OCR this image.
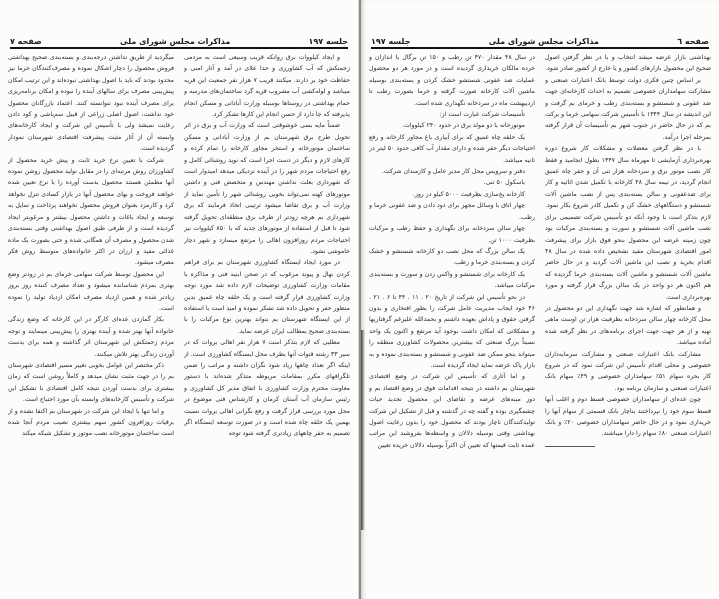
جلسه ۱۹۷
مذاکرات مجلس شورای ملی
صفحه ۷

و ایجاد کیلووات برق روانکه قریب وسیعی است به مردمی زحمتکش که آب کشاورزی و حدا علای در آمد و آثار امنی و حفاظت خود بر دارند. میکنند قریب ۷ هزار نفر جمعیت این قریه میباشد و لوله‌کشی آب مشروب قریه گرد ساختمان‌های مدرسه و حمام بهداشتی در روستاها بوسیله وزارت آبادانی و مسکن انجام پذیرفته که جا دارد از حسن انجام این کارها تشکر کرد.

ضمناً مایه بسی خوشوقتی است که وزارت آب و برق در اثر تحویل طرح برق شهرستان بم از وزارت آبادانی و مسکن ساختمان موتورخانه و استخر مجاور کارخانه را تمام کرده و کارهای لازم و دیگر در دست اجرا است که نوید روشنائی کامل و رفع احتیاجات مردم شهر را در آینده نزدیکی میدهد امیدوار است که شهرداری بعلت نداشتن مهندس و متخصص فنی و داشتن موتورهای کهنه نمی‌تواند بخوبی روشنائی شهر را تأمین نماید از وزارت آب و برق تقاضا میشود ترتیبی اتخاذ فرمایند که برق شهرداری بم هرچه زودتر از طرف برق منطقه‌ای تحویل گرفته شود تا قبل از استفاده از موتورهای جدید که با ۸۵۰ کیلووات نیز احتیاجات مردم روزافزون اهالی را مرتفع میسازد و شهر دچار خاموشی نشود.

در مورد ایجاد ایستگاه کشاورزی شهرستان بم برای فراهم کردن نهال و پیوند مرغوب که در صحن ابنیه فنی و مذاکره با مقامات وزارت کشاورزی توضیحات لازم داده شد مورد توجه وزارت کشاورزی قرار گرفته است و یک حلقه چاه عمیق بدین منظور حفر و تحویل داده شد تشکر نموده و امید است با استفاده از این ایستگاه شهرستان بم بتواند بهترین نوع مرکبات را با بسته‌بندی صحیح بمطالب ایران عرضه نماید.

مطلبی که لازم بتذکر است ۷ هزار نفر اهالی بروات که در سیر ۳۳ رشته قنوات آنها بطرف محل ایستگاه کشاورزی است. از اینکه اگر تعداد چاهها زیاد شود نگران داشته و مراتب را ضمن تلگرافهای مکرر بمقامات مربوطه متذکر شده‌اند با دستور معاونت محترم وزارت کشاورزی با اتفاق مدیر کل کشاورزی و رئیس سازمان آب آستان کرمان و کارشناس فنی موضوع در محل مورد بررسی قرار گرفت و رفع نگرانی اهالی بروات نسبت بهمین یک حلقه چاه شده است و در صورت توسعه ایستگاه اگر تصمیم به حفر چاههای زیادتری گرفته شود توجه

میگردید از طریق نداشتن درجه‌بندی و بسته‌بندی صحیح بهداشتی فروش محصول را دچار اشکال نموده و مصرف‌کنندگان خرما نیز محدود بودند که باید با اصول بهداشتی نبوده‌اند و این ترتیب امکان پیش‌بینی مصرف برای سالهای آینده را نبوده و امکان برنامه‌ریزی برای مصرف آینده نبود نتوانسته کنند. اعتماد بازرگانان محصول خود نداشت، اصول اصلی زراعی از قبیل سم‌پاشی و کود دادن رعایت نمیشد ولی با تأسیس این شرکت و ایجاد کارخانه‌های وابسته آن از آثار مثبت پیشرفت اقتصادی شهرستان نمودار گردیده است.

شرکت با تعیین نرخ خرید ثابت و پیش خرید محصول از کشاورزان روش مرتبه‌ای را در مقابل تولید محصول روشن نموده آنها مطمئن هستند محصول بدست آورده را با نرخ تعیین شده خواهند فروخت و بهای محصول آنها در بازار کسادی تنزل نخواهد کرد و کارمزد بعنوان فروش محصول نخواهند پرداخت و تمایل به توسعه و ایجاد باغات و داشتن محصول بیشتر و مرغوبتر ایجاد گردیده است و از طرفی طبق اصول بهداشتی وقتی بسته‌بندی شدن محصول و مصرف آن همگانی شده و حتی بصورت یک ماده غذائی مفید و ارزان در اکثر خانواده‌های متوسط روش فکر مصرف میشود.

این محصول توسط شرکت سهامی خرمای بم در زودتر وضع بهتری بمردم شناسانده میشود و تعداد مصرف کننده روز بروز زیادتر شده و همین ازدیاد مصرف امکان ازدیاد تولید را نموده است.

بکار گماردن عده‌ای کارگر در این کارخانه که وضع زندگی خانواده آنها بهتر شده و آینده بهتری را پیش‌بینی مینمایند و توجه مردم زحمتکش این شهرستان اثر گذاشته و همه برای بدست آوردن زندگی بهتر تلاش میکنند.

ذکر مختصر این عوامل بخوبی تغییر مسیر اقتصادی شهرستان بم را در جهت مثبت نشان میدهد و کاملاً روشن است که زمان بیشتری برای بدست آوردن نتیجه کامل اقتصادی با تشکیل این شرکت و تأسیس کارخانه‌های وابسته بآن مورد احتیاج است.

و اما تنها با ایجاد این شرکت در شهرستان بم اکتفا نشده و از برقیات روزافزون کشور سهم بیشتری نصیب مردم آنجا شده است ساختمان موتورخانه نصب موتور و تشکیل شبکه میکند

صفحه ٦
مذاکرات مجلس شورای ملی
جلسه ۱۹۷

بهداشتی بازار عرضه میشد انتخاب و با در نظر گرفتن اصول صحیح این محصول بازارهای کشور و یا خارج از کشور صادر شود.

بر اساس چنین فکری دولت توسط بانک اعتبارات صنعتی و مشارکت سهامداران خصوصی تصمیم به احداث کارخانه‌ای جهت ضد عفونی و شستشو و بسته‌بندی رطب و خرمای بم گرفت و این اندیشه در سال ۱۳۴۴ با تأسیس شرکت سهامی خرما و برکت بم که در حال حاضر در جنوب شهر بم تأسیسات آن قرار گرفته بمرحله اجرا درآمد.

با در نظر گرفتن معضلات و مشکلات کار شروع دوره بهره‌برداری آزمایشی تا مهرماه سال ۱۳۴۷ بطول انجامید و فقط کار نصب موتور برق و سردخانه هزار تنی آن و حفر چاه عمیق انجام گردید، در نیمه سال ۴۸ کارخانه با تکمیل شدن اثاثیه و کار برای ضدعفونی و سالن بسته‌بندی پس از نصب ماشین آلات شستشو و دستگاههای خشک کن و تکمیل کادر شروع بکار نمود. لازم بتذکر است با وجود آنکه دو تأسیس شرکت تصمیمی برای نصب ماشین آلات شستشو و سورت و بسته‌بندی مرکبات بود چون زمینه عرضه این محصول بنحو فوق بازار برای پیشرفت امور اقتصادی شهرستان مفید تشخیص داده شده در سال ۴۸ اقدام بخرید و نصب این ماشین آلات گردید و در حال حاضر ماشین آلات شستشو و ماشین آلات بسته‌بندی خرما گردیده که هم اکنون هر دو واحد در یک سالن بزرگ قرار گرفته و مورد بهره‌برداری است.

و همانطور که اشاره شد جهت نگهداری این دو محصول در محل کارخانه چهار سالن سردخانه بظرفیت هزار تن اوست ماهی تهیه و از هر جهت جهت اجرای برنامه‌های در نظر گرفته شده آماده میباشد.

مشارکت بانک اعتبارات صنعتی و مشارکت سرمایه‌داران خصوصی و محلی اقدام تأسیس این شرکت نمود که در شروع کار بحره سهام ۵۱٪ سهامداران خصوصی و ۴۹٪ سهام بانک اعتبارات صنعتی و سازمان برنامه بود.

چون عده‌ای از سهامداران خصوصی قسط دوم و اغلب آنها قسط سوم خود را نپرداختند بناچار بانک قسمتی از سهام آنها را خریداری نمود و در حال حاضر سهامداران خصوصی ۲۰٪ و بانک اعتبارات صنعتی ۸۰٪ سهام را دارا میباشند.

در سال ۴۸ مقدار ۴۷۰ تن رطب و ۱۵۰ تن برگال با اندازان و خرده مالکان خریداری گردیده است و در مورد هر دو محصول عملیات ضد عفونی شستشو خشک کردن و بسته‌بندی بوسیله ماشین آلات کارخانه صورت گرفته و خرما بصورت رطب تا اردیبهشت ماه در سردخانه نگهداری شده است.

تأسیسات شرکت عبارت است از:

موتورخانه با دو مولد برق در حدود ۲۴۰ کیلووات.

یک حلقه چاه عمیق که برای آبیاری باغ مجاور کارخانه و رفع احتیاجات دیگر حفر شده و دارای مقدار آب کافی حدود ۵۰ لیتر در ثانیه میباشد.

دفتر و سرویس محل کار مدیر عامل و کارمندان شرکت.

باسکول ۵۰ تنی.

کارخانه یخ‌سازی بظرفیت ۵۰۰۰ کیلو در روز.

چهار اتاق با وسائل مجهز برای دود دادن و ضد عفونی خرما و رطب.

چهار سالن سردخانه برای نگهداری و حفظ رطب و مرکبات بظرفیت ۱۰۰۰ تن.

یک سالن بزرگ که محل نصب دو کارخانه شستشو و خشک کردن و بسته‌بندی خرما و رطب.

یک کارخانه برای شستشو و واکس زدن و سورت و بسته‌بندی مرکبات میباشد.

در نحو تأسیس این شرکت از تاریخ ۲۰ . ۱۱ . ۴۴ تا ۶ . ۲۱ . ۴۶ خود ایجاب مدیریت عامل شرکت را بطور افتخاری و بدون گرفتن حقوق و پاداش بعهده داشتم و بحمدالله علیرغم گرفتاریها و مشکلاتی که امکان داشت بوجود آید مرتفع و اکنون یک واحد نسبتاً بزرگ صنعتی که بیشترین محصولات کشاورزی منطقه را میتواند بنحو ممکن ضد عفونی و شستشو و بسته‌بندی نموده و به بازار پاک عرضه نماید ایجاد گردیده است.

و اما آثاری که تأسیس این شرکت در وضع اقتصادی شهرستان بم داشته در نتیجه اقدامات فوق در وضع اقتصاد بم و دوز مینه‌های عرضه و تقاضای این محصول تجدید حیات چشمگیری بوده و گفته چه در گذشته و قبل از تشکیل این شرکت تولیدکنندگان ناچار بودند که محصول خود را بدون رعایت اصول بهداشتی وقتی بوسیله دلالان و واسطه‌ها بفروشند این مراتب عمده ثابت قیمتها که تعیین آن اکثراً بوسیله دلالان خریده تعیین
